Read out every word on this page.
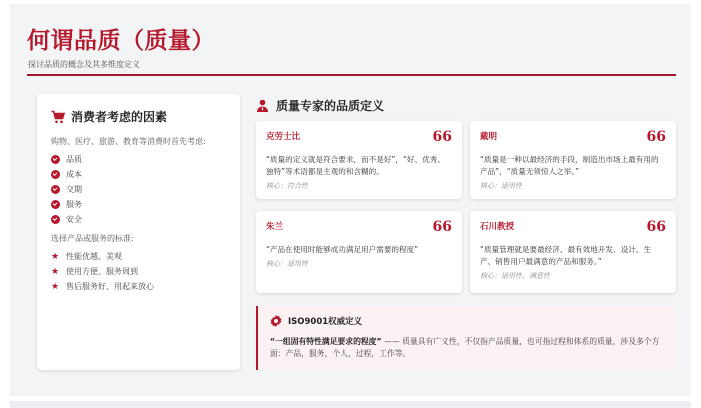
何谓品质（质量）
探讨品质的概念及其多维度定义
消费者考虑的因素
购物、医疗、旅游、教育等消费时首先考虑:
品质
成本
交期
服务
安全
选择产品或服务的标准:
★ 性能优越、美观
★ 使用方便、服务周到
★ 售后服务好、用起来放心
质量专家的品质定义
克劳士比	66
“质量的定义就是符合要求，而不是好”，“好、优秀、独特”等术语都是主观的和含糊的。
核心：符合性
戴明	66
“质量是一种以最经济的手段，制造出市场上最有用的产品”，“质量无须惊人之举。”
核心：适用性
朱兰	66
“产品在使用时能够成功满足用户需要的程度”
核心：适用性
石川教授	66
“质量管理就是要最经济、最有效地开发、设计、生产、销售用户最满意的产品和服务。”
核心：适用性、满意性
ISO9001权威定义
“一组固有特性满足要求的程度” —— 质量具有广义性，不仅指产品质量，也可指过程和体系的质量，涉及多个方面：产品，服务，个人，过程，工作等。
